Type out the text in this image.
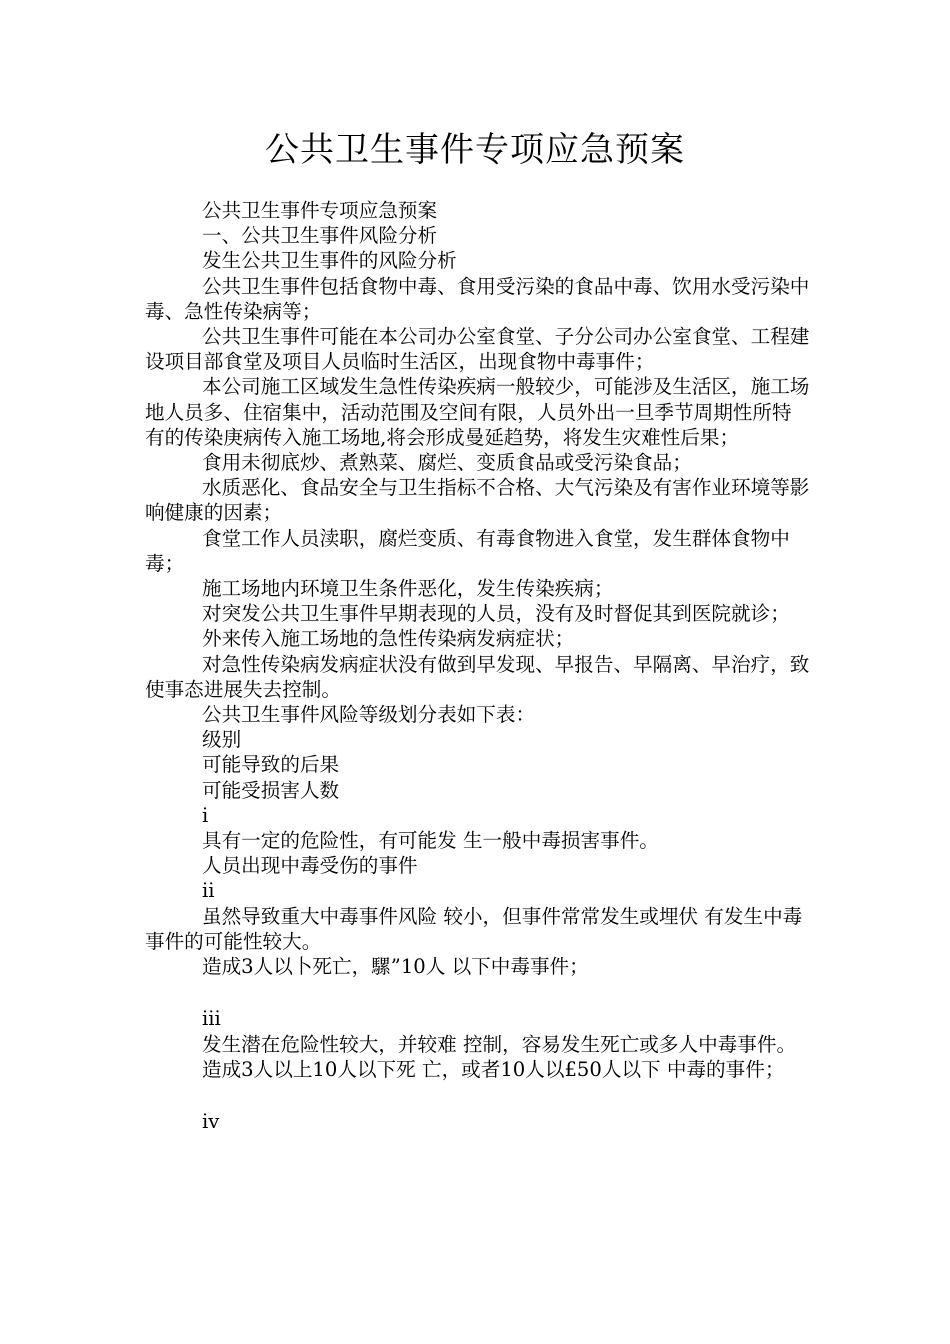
公共卫生事件专项应急预案

公共卫生事件专项应急预案

一、公共卫生事件风险分析

发生公共卫生事件的风险分析

公共卫生事件包括食物中毒、食用受污染的食品中毒、饮用水受污染中毒、急性传染病等；

公共卫生事件可能在本公司办公室食堂、子分公司办公室食堂、工程建设项目部食堂及项目人员临时生活区，出现食物中毒事件；

本公司施工区域发生急性传染疾病一般较少，可能涉及生活区，施工场地人员多、住宿集中，活动范围及空间有限，人员外出一旦季节周期性所特有的传染庚病传入施工场地,将会形成曼延趋势，将发生灾难性后果；

食用未彻底炒、煮熟菜、腐烂、变质食品或受污染食品；

水质恶化、食品安全与卫生指标不合格、大气污染及有害作业环境等影响健康的因素；

食堂工作人员渎职，腐烂变质、有毒食物进入食堂，发生群体食物中毒；

施工场地内环境卫生条件恶化，发生传染疾病；

对突发公共卫生事件早期表现的人员，没有及时督促其到医院就诊；

外来传入施工场地的急性传染病发病症状；

对急性传染病发病症状没有做到早发现、早报告、早隔离、早治疗，致使事态进展失去控制。

公共卫生事件风险等级划分表如下表：

级别

可能导致的后果

可能受损害人数

i

具有一定的危险性，有可能发 生一般中毒损害事件。

人员出现中毒受伤的事件

ii

虽然导致重大中毒事件风险 较小，但事件常常发生或埋伏 有发生中毒事件的可能性较大。

造成3人以卜死亡，騾”10人 以下中毒事件；

iii

发生潜在危险性较大，并较难 控制，容易发生死亡或多人中毒事件。

造成3人以上10人以下死 亡，或者10人以£50人以下 中毒的事件；

iv
